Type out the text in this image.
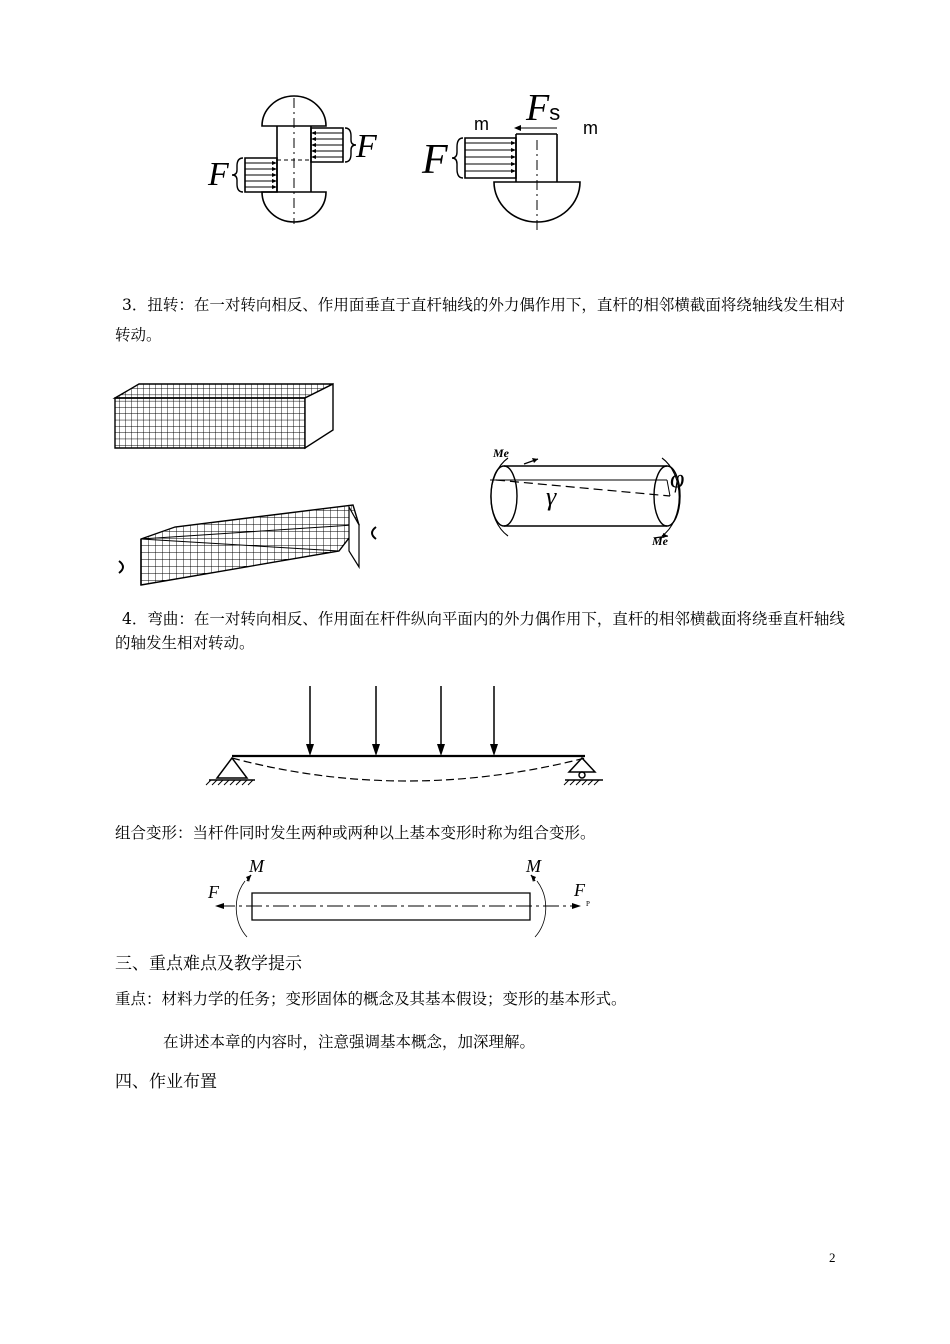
F
F	F
Fs
m	m
3．扭转：在一对转向相反、作用面垂直于直杆轴线的外力偶作用下，直杆的相邻横截面将绕轴线发生相对转动。
Me
Me
γ
φ
4．弯曲：在一对转向相反、作用面在杆件纵向平面内的外力偶作用下，直杆的相邻横截面将绕垂直杆轴线的轴发生相对转动。
组合变形：当杆件同时发生两种或两种以上基本变形时称为组合变形。
M	M
F	$F_P$
三、重点难点及教学提示
重点：材料力学的任务；变形固体的概念及其基本假设；变形的基本形式。
在讲述本章的内容时，注意强调基本概念，加深理解。
四、作业布置
2
